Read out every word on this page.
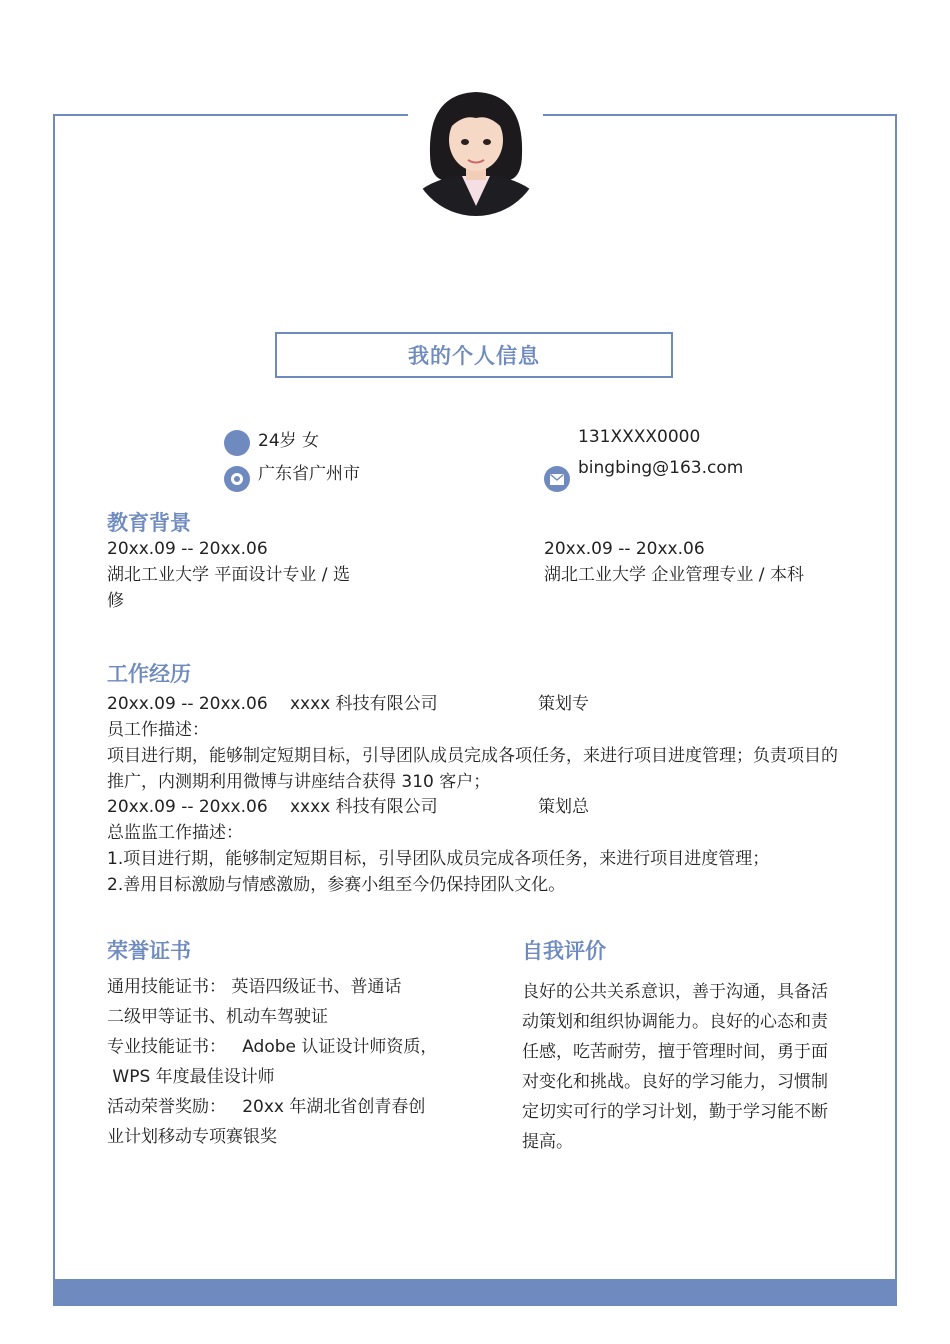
我的个人信息
24岁 女
广东省广州市
131XXXX0000
bingbing@163.com
教育背景
20xx.09 -- 20xx.06
湖北工业大学 平面设计专业 / 选
修
20xx.09 -- 20xx.06
湖北工业大学 企业管理专业 / 本科
工作经历
20xx.09 -- 20xx.06 xxxx 科技有限公司	策划专
员工作描述：
项目进行期，能够制定短期目标，引导团队成员完成各项任务，来进行项目进度管理；负责项目的
推广，内测期利用微博与讲座结合获得 310 客户；
20xx.09 -- 20xx.06 xxxx 科技有限公司	策划总
总监监工作描述：
1.项目进行期，能够制定短期目标，引导团队成员完成各项任务，来进行项目进度管理；
2.善用目标激励与情感激励，参赛小组至今仍保持团队文化。
荣誉证书
通用技能证书： 英语四级证书、普通话
二级甲等证书、机动车驾驶证
专业技能证书：   Adobe 认证设计师资质，
WPS 年度最佳设计师
活动荣誉奖励：   20xx 年湖北省创青春创
业计划移动专项赛银奖
自我评价
良好的公共关系意识，善于沟通，具备活
动策划和组织协调能力。良好的心态和责
任感，吃苦耐劳，擅于管理时间，勇于面
对变化和挑战。良好的学习能力，习惯制
定切实可行的学习计划，勤于学习能不断
提高。
